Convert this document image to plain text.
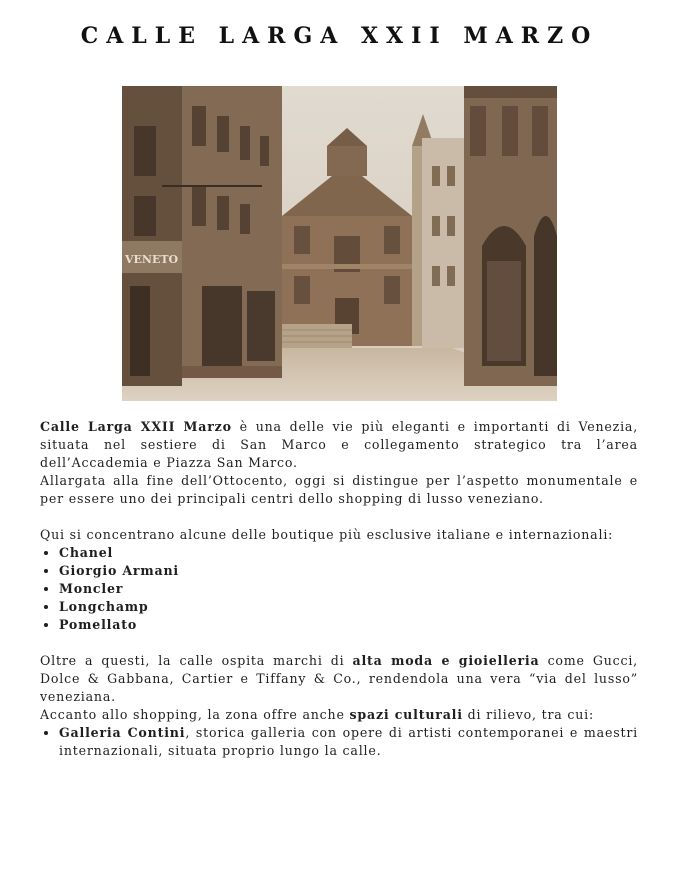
CALLE LARGA XXII MARZO
VENETO

Calle Larga XXII Marzo è una delle vie più eleganti e importanti di Venezia, situata nel sestiere di San Marco e collegamento strategico tra l’area dell’Accademia e Piazza San Marco.

Allargata alla fine dell’Ottocento, oggi si distingue per l’aspetto monumentale e per essere uno dei principali centri dello shopping di lusso veneziano.

Qui si concentrano alcune delle boutique più esclusive italiane e internazionali:

• Chanel
• Giorgio Armani
• Moncler
• Longchamp
• Pomellato

Oltre a questi, la calle ospita marchi di alta moda e gioielleria come Gucci, Dolce & Gabbana, Cartier e Tiffany & Co., rendendola una vera “via del lusso” veneziana.

Accanto allo shopping, la zona offre anche spazi culturali di rilievo, tra cui:

• Galleria Contini, storica galleria con opere di artisti contemporanei e maestri internazionali, situata proprio lungo la calle.
